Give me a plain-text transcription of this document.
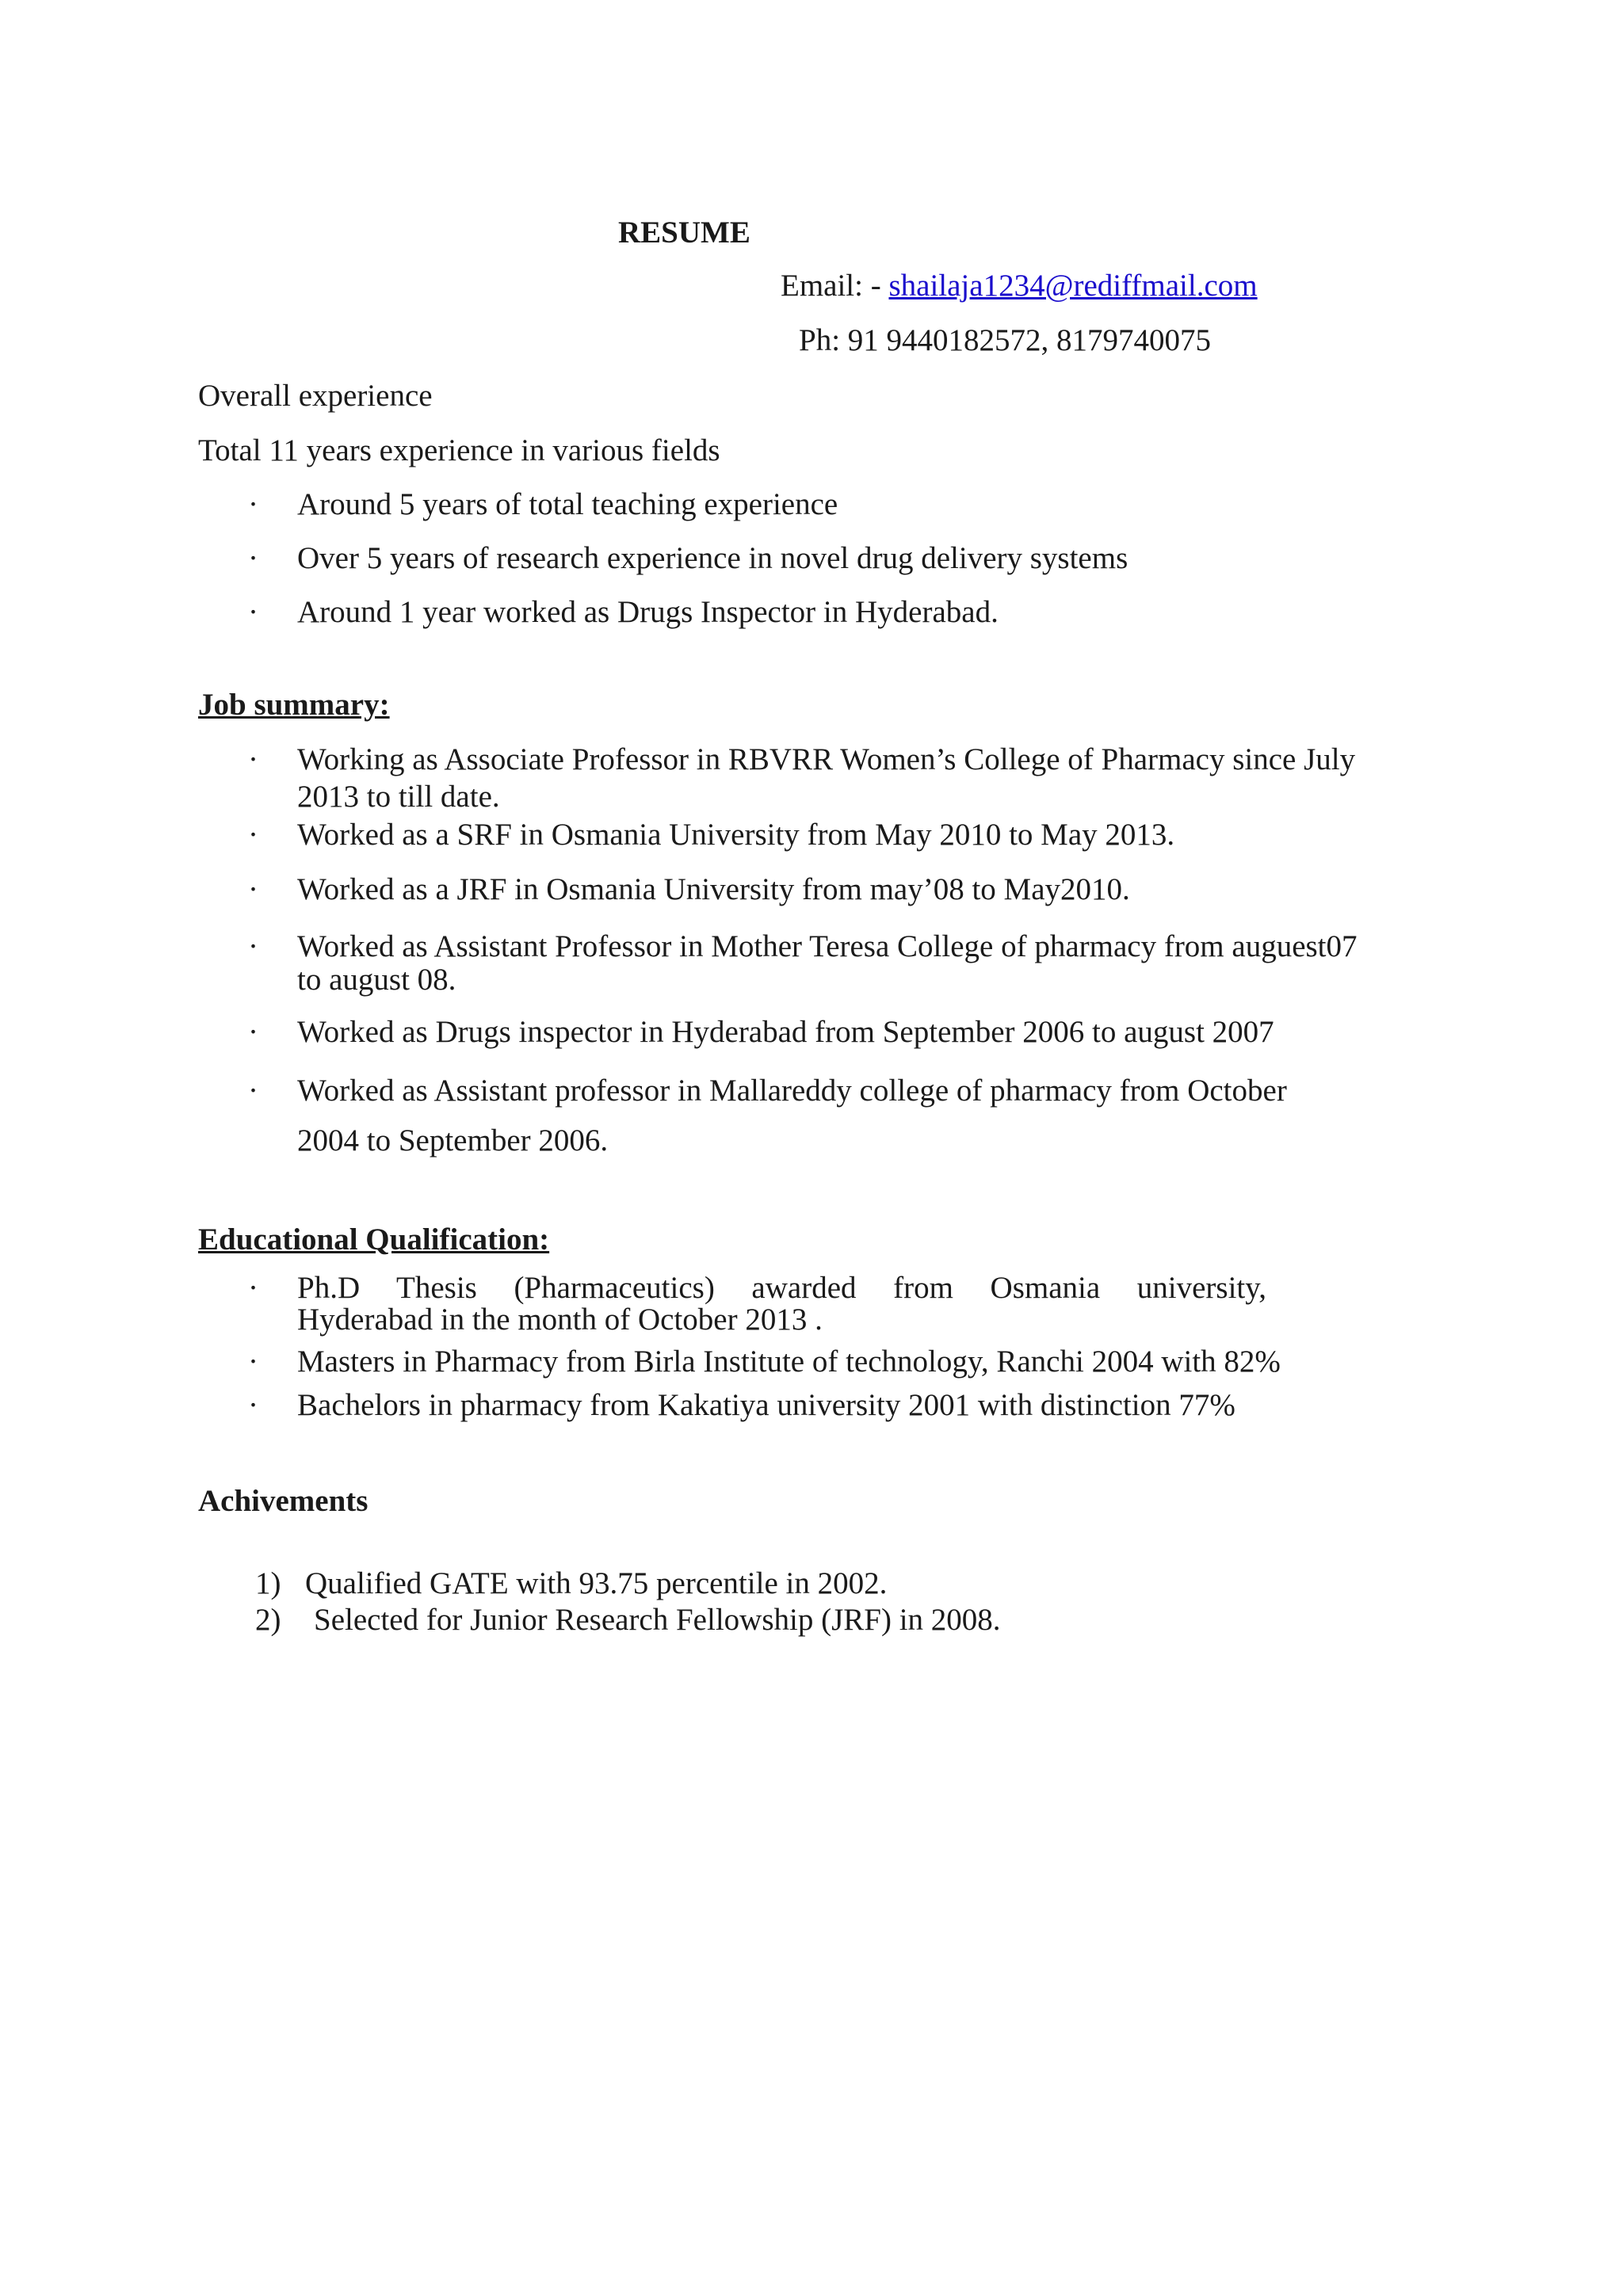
RESUME
Email: - shailaja1234@rediffmail.com
Ph: 91 9440182572, 8179740075
Overall experience
Total 11 years experience in various fields
· Around 5 years of total teaching experience
· Over 5 years of research experience in novel drug delivery systems
· Around 1 year worked as Drugs Inspector in Hyderabad.
Job summary:
· Working as Associate Professor in RBVRR Women’s College of Pharmacy since July
2013 to till date.
· Worked as a SRF in Osmania University from May 2010 to May 2013.
· Worked as a JRF in Osmania University from may’08 to May2010.
· Worked as Assistant Professor in Mother Teresa College of pharmacy from auguest07
to august 08.
· Worked as Drugs inspector in Hyderabad from September 2006 to august 2007
· Worked as Assistant professor in Mallareddy college of pharmacy from October
2004 to September 2006.
Educational Qualification:
· Ph.D Thesis (Pharmaceutics) awarded from Osmania university,
Hyderabad in the month of October 2013 .
· Masters in Pharmacy from Birla Institute of technology, Ranchi 2004 with 82%
· Bachelors in pharmacy from Kakatiya university 2001 with distinction 77%
Achivements
1) Qualified GATE with 93.75 percentile in 2002.
2) Selected for Junior Research Fellowship (JRF) in 2008.
